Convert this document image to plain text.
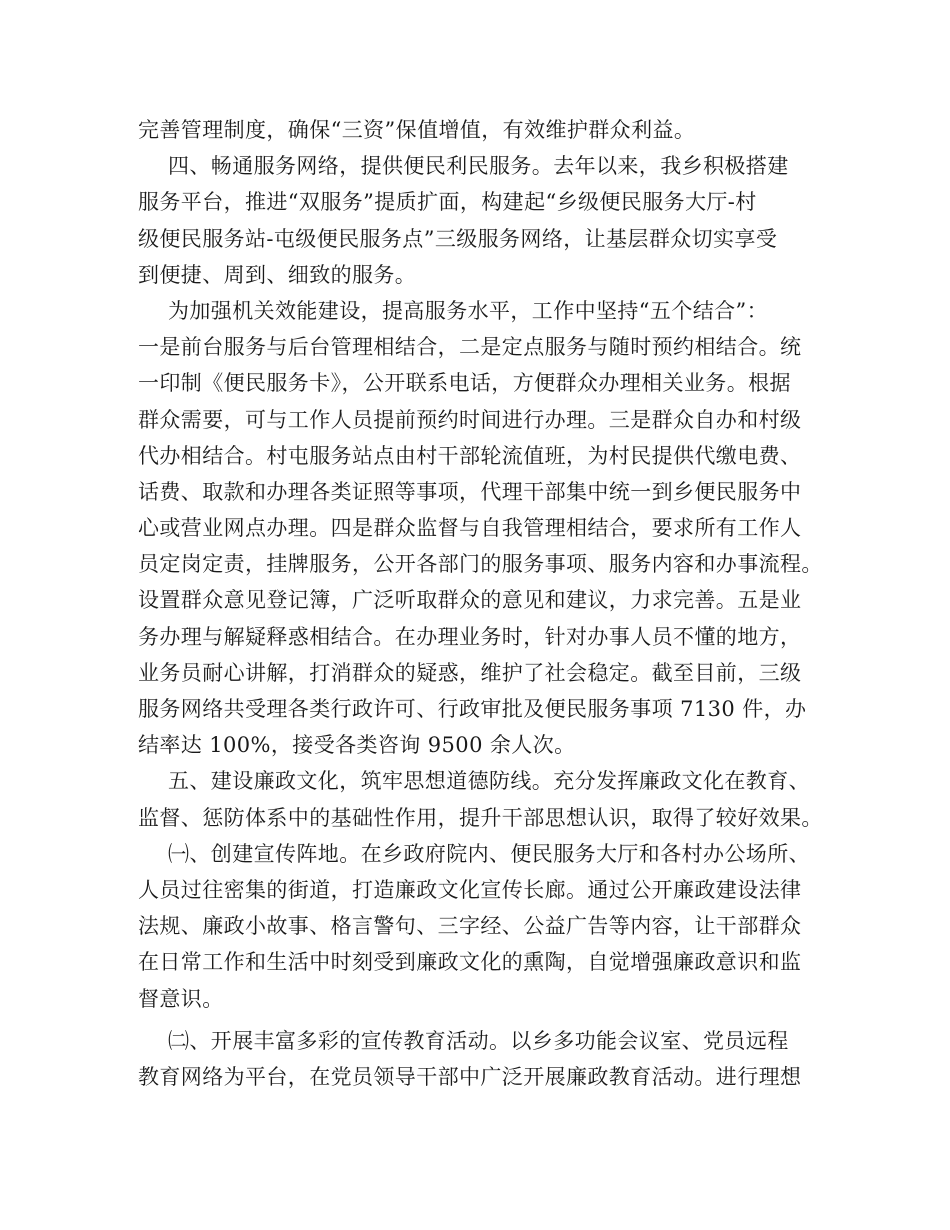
完善管理制度，确保“三资”保值增值，有效维护群众利益。
四、畅通服务网络，提供便民利民服务。去年以来，我乡积极搭建
服务平台，推进“双服务”提质扩面，构建起“乡级便民服务大厅-村
级便民服务站-屯级便民服务点”三级服务网络，让基层群众切实享受
到便捷、周到、细致的服务。
为加强机关效能建设，提高服务水平，工作中坚持“五个结合”：
一是前台服务与后台管理相结合，二是定点服务与随时预约相结合。统
一印制《便民服务卡》，公开联系电话，方便群众办理相关业务。根据
群众需要，可与工作人员提前预约时间进行办理。三是群众自办和村级
代办相结合。村屯服务站点由村干部轮流值班，为村民提供代缴电费、
话费、取款和办理各类证照等事项，代理干部集中统一到乡便民服务中
心或营业网点办理。四是群众监督与自我管理相结合，要求所有工作人
员定岗定责，挂牌服务，公开各部门的服务事项、服务内容和办事流程。
设置群众意见登记簿，广泛听取群众的意见和建议，力求完善。五是业
务办理与解疑释惑相结合。在办理业务时，针对办事人员不懂的地方，
业务员耐心讲解，打消群众的疑惑，维护了社会稳定。截至目前，三级
服务网络共受理各类行政许可、行政审批及便民服务事项 7130 件，办
结率达 100%，接受各类咨询 9500 余人次。
五、建设廉政文化，筑牢思想道德防线。充分发挥廉政文化在教育、
监督、惩防体系中的基础性作用，提升干部思想认识，取得了较好效果。
㈠、创建宣传阵地。在乡政府院内、便民服务大厅和各村办公场所、
人员过往密集的街道，打造廉政文化宣传长廊。通过公开廉政建设法律
法规、廉政小故事、格言警句、三字经、公益广告等内容，让干部群众
在日常工作和生活中时刻受到廉政文化的熏陶，自觉增强廉政意识和监
督意识。
㈡、开展丰富多彩的宣传教育活动。以乡多功能会议室、党员远程
教育网络为平台，在党员领导干部中广泛开展廉政教育活动。进行理想
